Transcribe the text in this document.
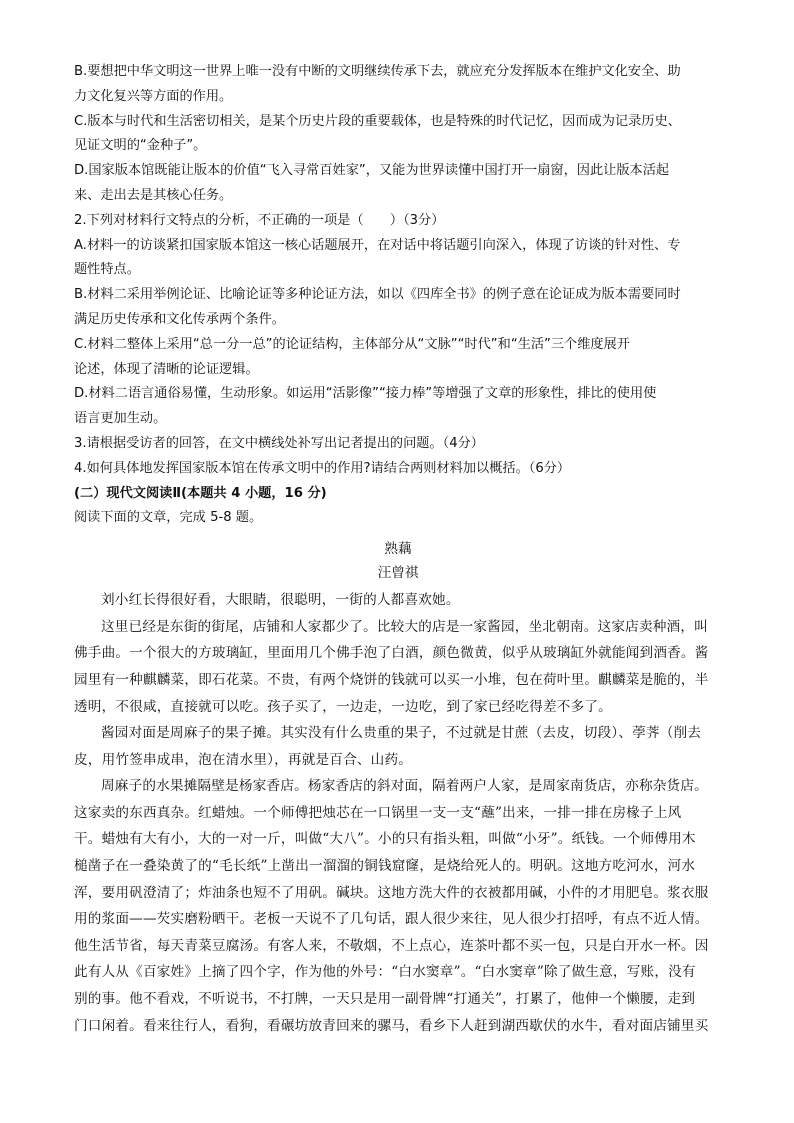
B.要想把中华文明这一世界上唯一没有中断的文明继续传承下去，就应充分发挥版本在维护文化安全、助
力文化复兴等方面的作用。
C.版本与时代和生活密切相关，是某个历史片段的重要载体，也是特殊的时代记忆，因而成为记录历史、
见证文明的“金种子”。
D.国家版本馆既能让版本的价值“飞入寻常百姓家”，又能为世界读懂中国打开一扇窗，因此让版本活起
来、走出去是其核心任务。
2.下列对材料行文特点的分析，不正确的一项是（　　）（3分）
A.材料一的访谈紧扣国家版本馆这一核心话题展开，在对话中将话题引向深入，体现了访谈的针对性、专
题性特点。
B.材料二采用举例论证、比喻论证等多种论证方法，如以《四库全书》的例子意在论证成为版本需要同时
满足历史传承和文化传承两个条件。
C.材料二整体上采用“总一分一总”的论证结构，主体部分从“文脉”“时代”和“生活”三个维度展开
论述，体现了清晰的论证逻辑。
D.材料二语言通俗易懂，生动形象。如运用“活影像”“接力棒”等增强了文章的形象性，排比的使用使
语言更加生动。
3.请根据受访者的回答，在文中横线处补写出记者提出的问题。（4分）
4.如何具体地发挥国家版本馆在传承文明中的作用?请结合两则材料加以概括。（6分）
(二）现代文阅读Ⅱ(本题共 4 小题，16 分)
阅读下面的文章，完成 5-8 题。
熟藕
汪曾祺
刘小红长得很好看，大眼睛，很聪明，一街的人都喜欢她。
这里已经是东街的街尾，店铺和人家都少了。比较大的店是一家酱园，坐北朝南。这家店卖种酒，叫
佛手曲。一个很大的方玻璃缸，里面用几个佛手泡了白酒，颜色微黄，似乎从玻璃缸外就能闻到酒香。酱
园里有一种麒麟菜，即石花菜。不贵，有两个烧饼的钱就可以买一小堆，包在荷叶里。麒麟菜是脆的，半
透明，不很咸，直接就可以吃。孩子买了，一边走，一边吃，到了家已经吃得差不多了。
酱园对面是周麻子的果子摊。其实没有什么贵重的果子，不过就是甘蔗（去皮，切段）、荸荠（削去
皮，用竹签串成串，泡在清水里），再就是百合、山药。
周麻子的水果摊隔壁是杨家香店。杨家香店的斜对面，隔着两户人家，是周家南货店，亦称杂货店。
这家卖的东西真杂。红蜡烛。一个师傅把烛芯在一口锅里一支一支“蘸”出来，一排一排在房椽子上风
干。蜡烛有大有小，大的一对一斤，叫做“大八”。小的只有指头粗，叫做“小牙”。纸钱。一个师傅用木
槌凿子在一叠染黄了的“毛长纸”上凿出一溜溜的铜钱窟窿，是烧给死人的。明矾。这地方吃河水，河水
浑，要用矾澄清了；炸油条也短不了用矾。碱块。这地方洗大件的衣被都用碱，小件的才用肥皂。浆衣服
用的浆面——芡实磨粉晒干。老板一天说不了几句话，跟人很少来往，见人很少打招呼，有点不近人情。
他生活节省，每天青菜豆腐汤。有客人来，不敬烟，不上点心，连茶叶都不买一包，只是白开水一杯。因
此有人从《百家姓》上摘了四个字，作为他的外号：“白水窦章”。“白水窦章”除了做生意，写账，没有
别的事。他不看戏，不听说书，不打牌，一天只是用一副骨牌“打通关”，打累了，他伸一个懒腰，走到
门口闲着。看来往行人，看狗，看碾坊放青回来的骡马，看乡下人赶到湖西歇伏的水牛，看对面店铺里买
